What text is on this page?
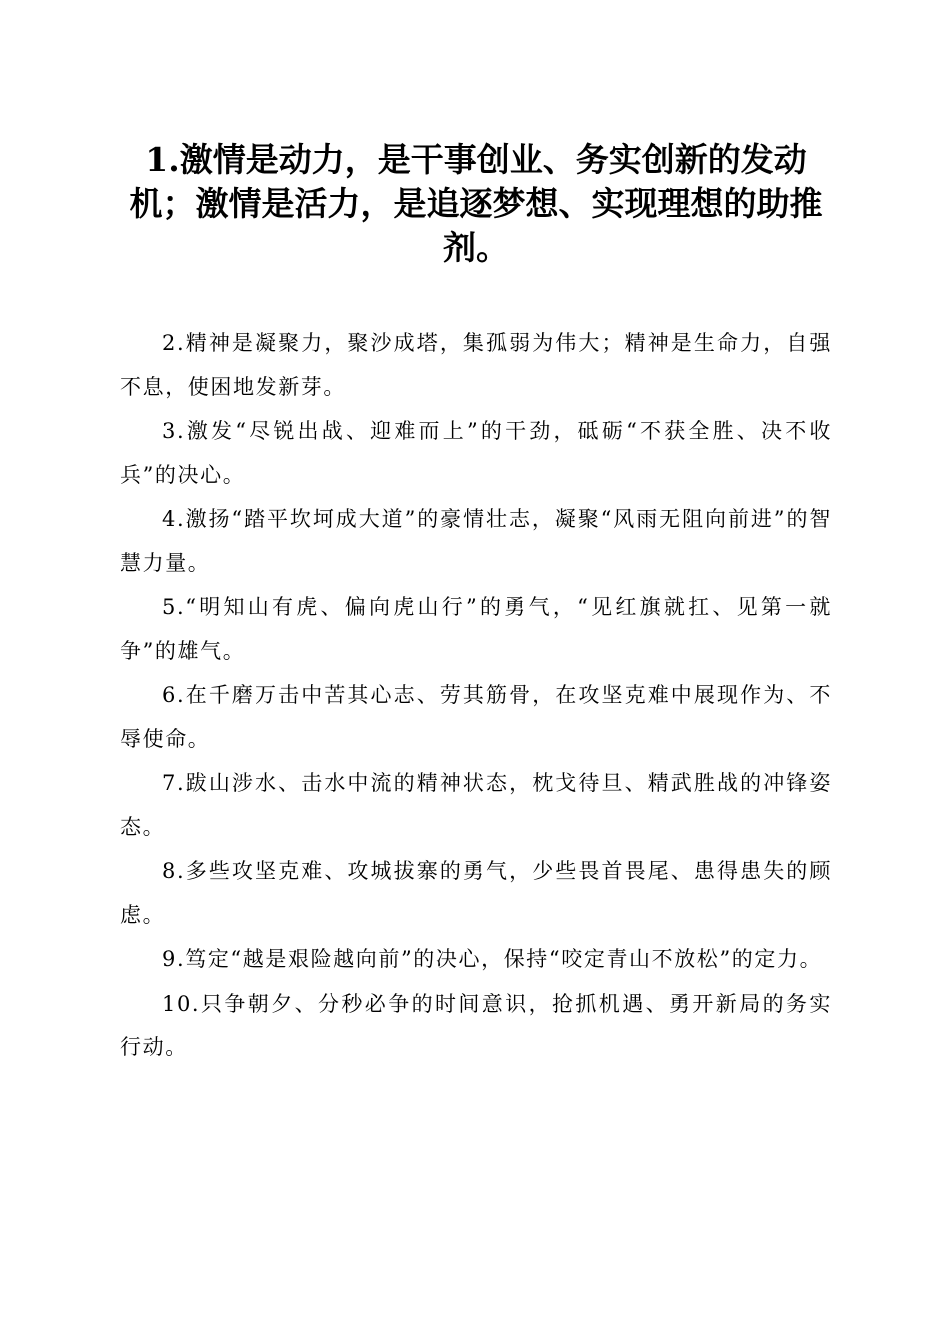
1.激情是动力，是干事创业、务实创新的发动机；激情是活力，是追逐梦想、实现理想的助推剂。

2.精神是凝聚力，聚沙成塔，集孤弱为伟大；精神是生命力，自强不息，使困地发新芽。

3.激发“尽锐出战、迎难而上”的干劲，砥砺“不获全胜、决不收兵”的决心。

4.激扬“踏平坎坷成大道”的豪情壮志，凝聚“风雨无阻向前进”的智慧力量。

5.“明知山有虎、偏向虎山行”的勇气，“见红旗就扛、见第一就争”的雄气。

6.在千磨万击中苦其心志、劳其筋骨，在攻坚克难中展现作为、不辱使命。

7.跋山涉水、击水中流的精神状态，枕戈待旦、精武胜战的冲锋姿态。

8.多些攻坚克难、攻城拔寨的勇气，少些畏首畏尾、患得患失的顾虑。

9.笃定“越是艰险越向前”的决心，保持“咬定青山不放松”的定力。

10.只争朝夕、分秒必争的时间意识，抢抓机遇、勇开新局的务实行动。
